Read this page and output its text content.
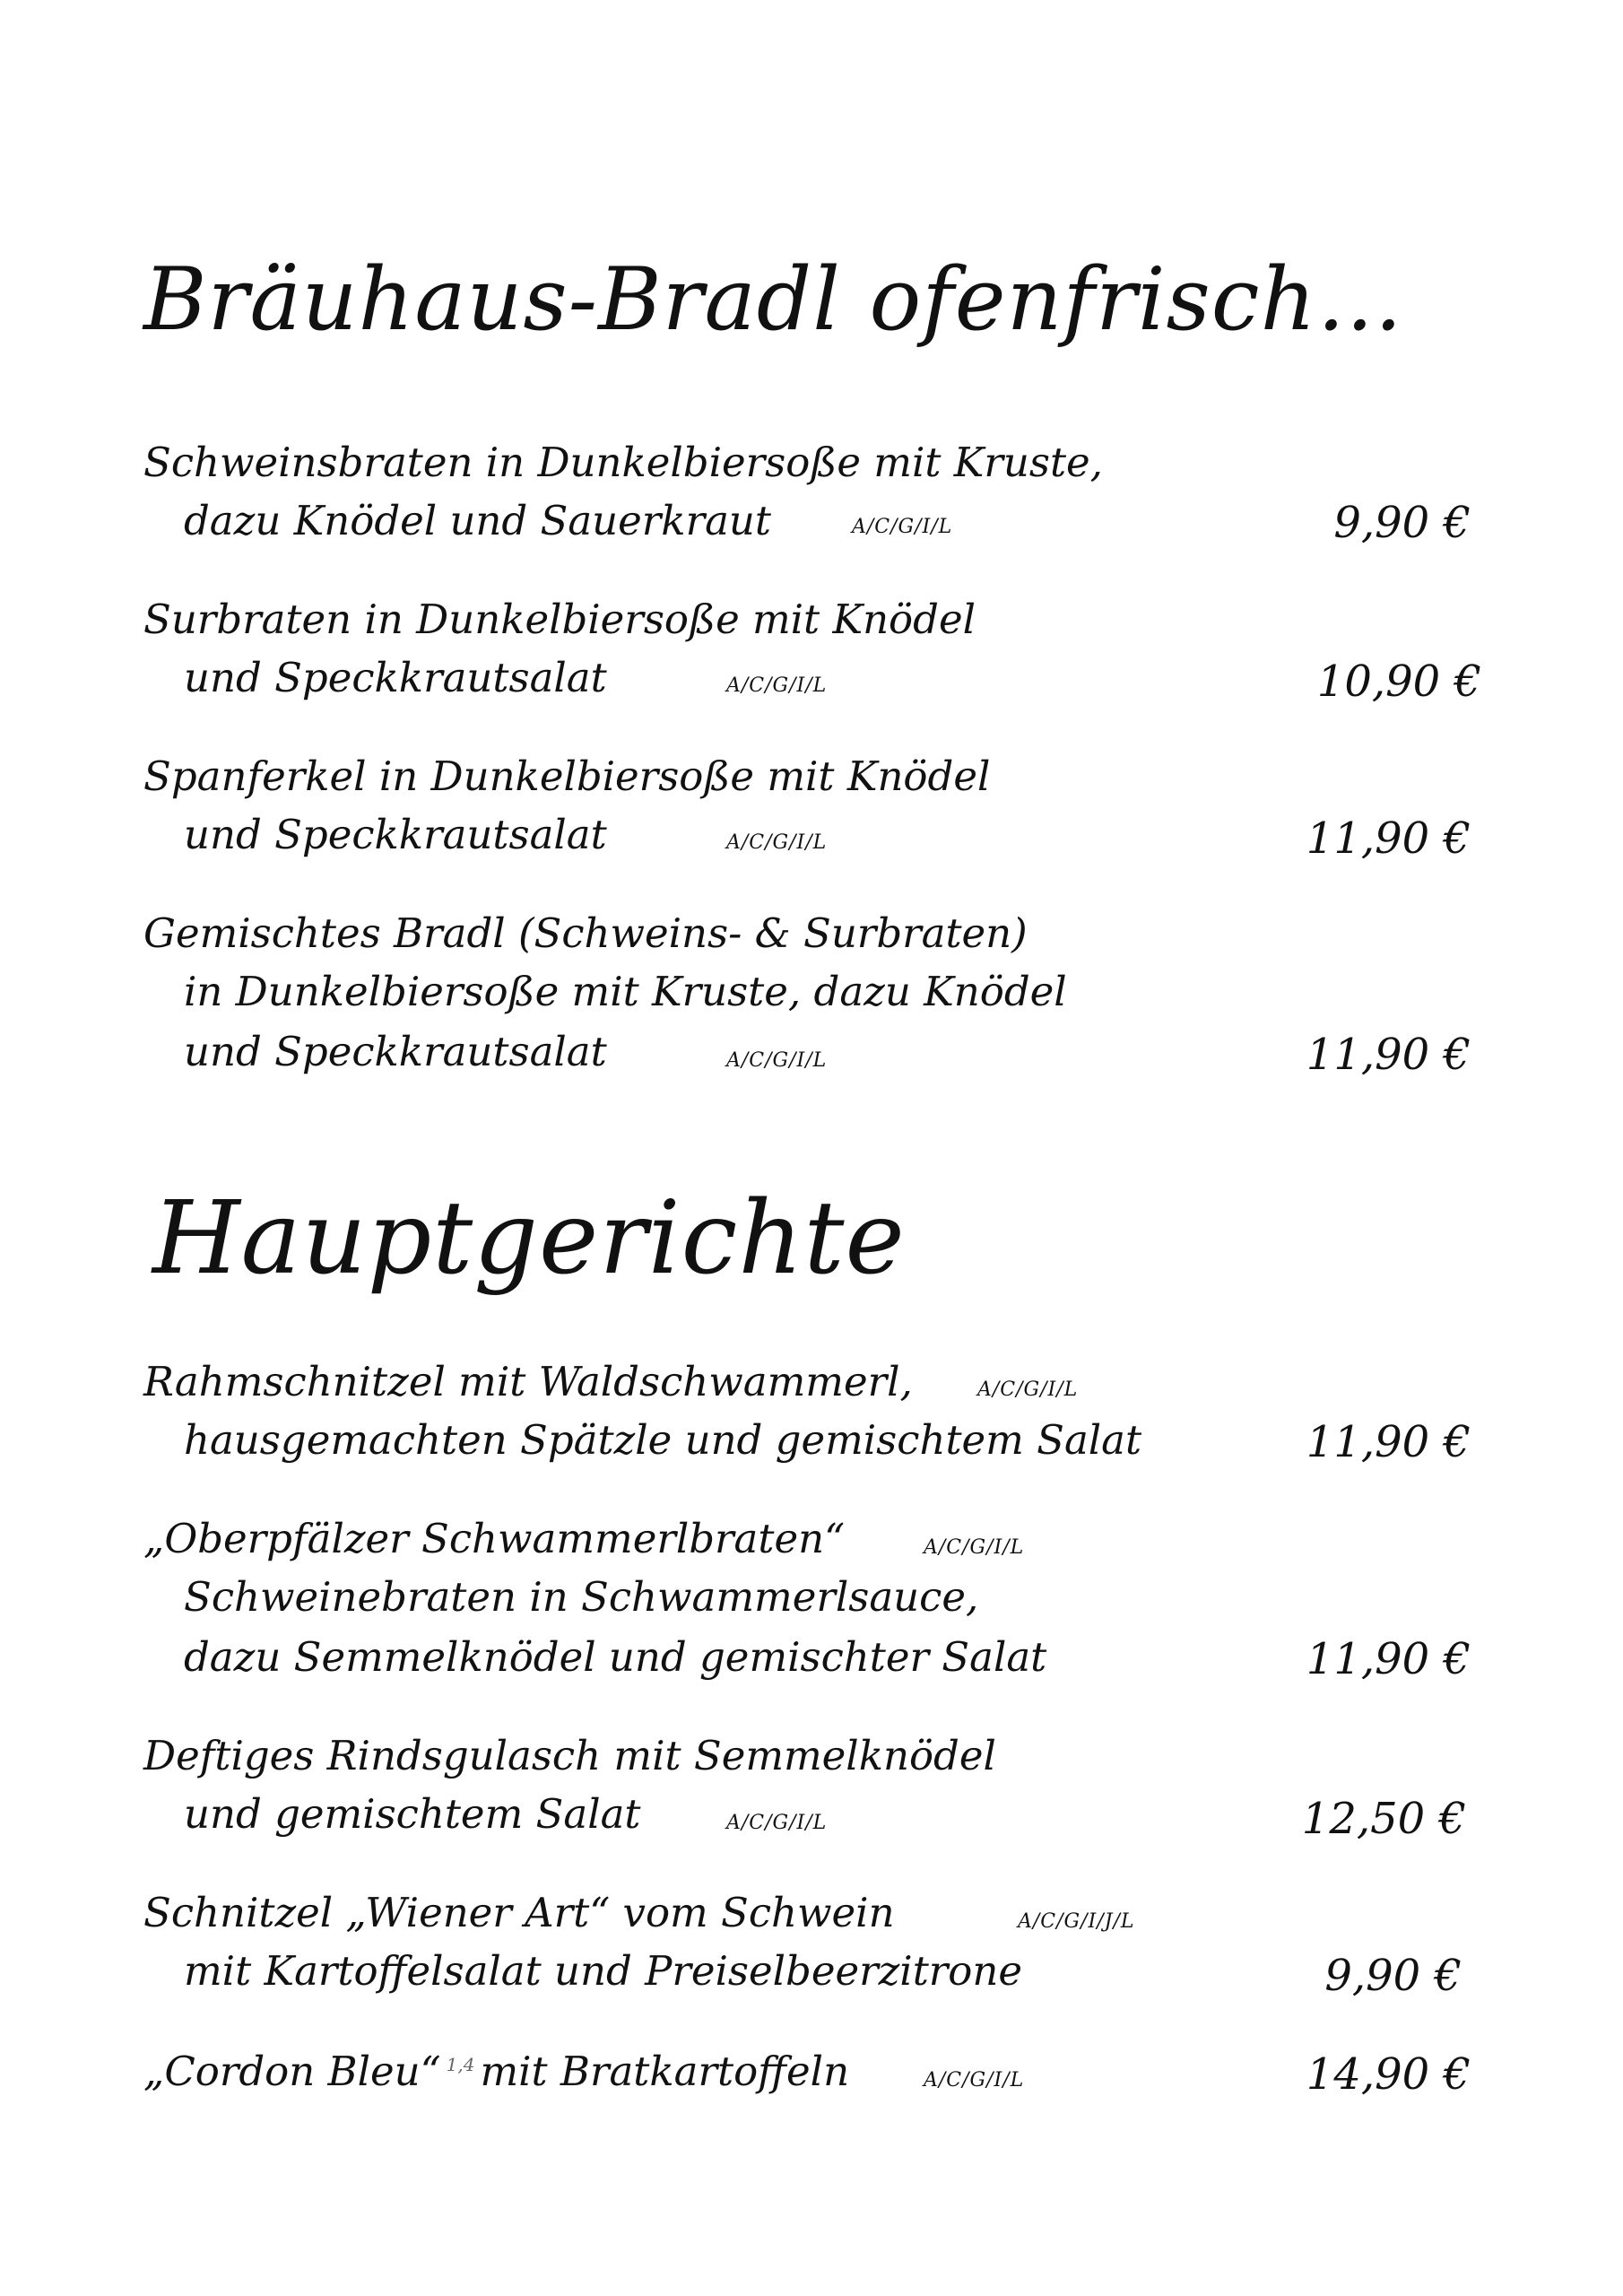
Bräuhaus-Bradl ofenfrisch…
Schweinsbraten in Dunkelbiersoße mit Kruste,
dazu Knödel und Sauerkraut	A/C/G/I/L	9,90 €
Surbraten in Dunkelbiersoße mit Knödel
und Speckkrautsalat	A/C/G/I/L	10,90 €
Spanferkel in Dunkelbiersoße mit Knödel
und Speckkrautsalat	A/C/G/I/L	11,90 €
Gemischtes Bradl (Schweins- & Surbraten)
in Dunkelbiersoße mit Kruste, dazu Knödel
und Speckkrautsalat	A/C/G/I/L	11,90 €
Hauptgerichte
Rahmschnitzel mit Waldschwammerl,	A/C/G/I/L
hausgemachten Spätzle und gemischtem Salat	11,90 €
„Oberpfälzer Schwammerlbraten“	A/C/G/I/L
Schweinebraten in Schwammerlsauce,
dazu Semmelknödel und gemischter Salat	11,90 €
Deftiges Rindsgulasch mit Semmelknödel
und gemischtem Salat	A/C/G/I/L	12,50 €
Schnitzel „Wiener Art“ vom Schwein	A/C/G/I/J/L
mit Kartoffelsalat und Preiselbeerzitrone	9,90 €
„Cordon Bleu“ $^{1,4}$ mit Bratkartoffeln	A/C/G/I/L	14,90 €
